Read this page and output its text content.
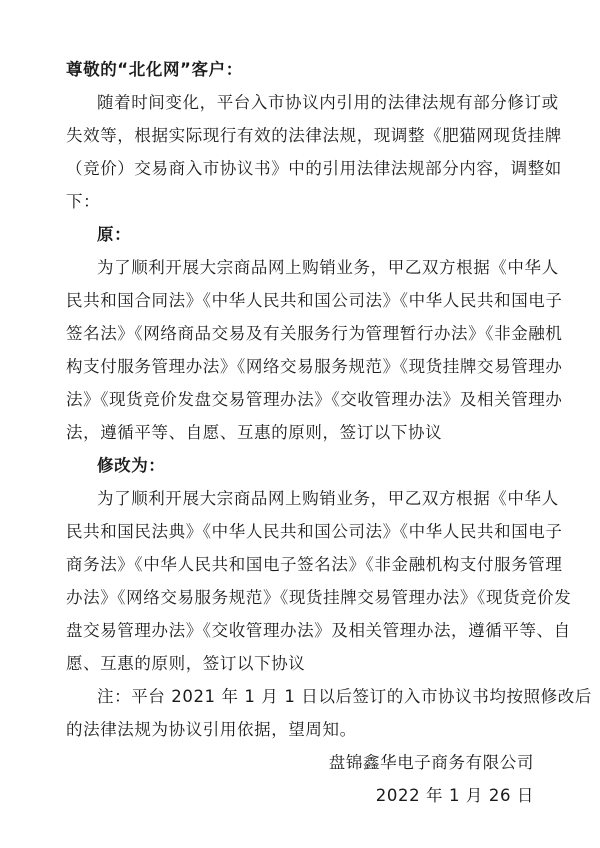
尊敬的“北化网”客户：
随着时间变化，平台入市协议内引用的法律法规有部分修订或
失效等，根据实际现行有效的法律法规，现调整《肥猫网现货挂牌
（竞价）交易商入市协议书》中的引用法律法规部分内容，调整如
下：
原：
为了顺利开展大宗商品网上购销业务，甲乙双方根据《中华人
民共和国合同法》《中华人民共和国公司法》《中华人民共和国电子
签名法》《网络商品交易及有关服务行为管理暂行办法》《非金融机
构支付服务管理办法》《网络交易服务规范》《现货挂牌交易管理办
法》《现货竞价发盘交易管理办法》《交收管理办法》及相关管理办
法，遵循平等、自愿、互惠的原则，签订以下协议
修改为：
为了顺利开展大宗商品网上购销业务，甲乙双方根据《中华人
民共和国民法典》《中华人民共和国公司法》《中华人民共和国电子
商务法》《中华人民共和国电子签名法》《非金融机构支付服务管理
办法》《网络交易服务规范》《现货挂牌交易管理办法》《现货竞价发
盘交易管理办法》《交收管理办法》及相关管理办法，遵循平等、自
愿、互惠的原则，签订以下协议
注：平台 2021 年 1 月 1 日以后签订的入市协议书均按照修改后
的法律法规为协议引用依据，望周知。
盘锦鑫华电子商务有限公司
2022 年 1 月 26 日
